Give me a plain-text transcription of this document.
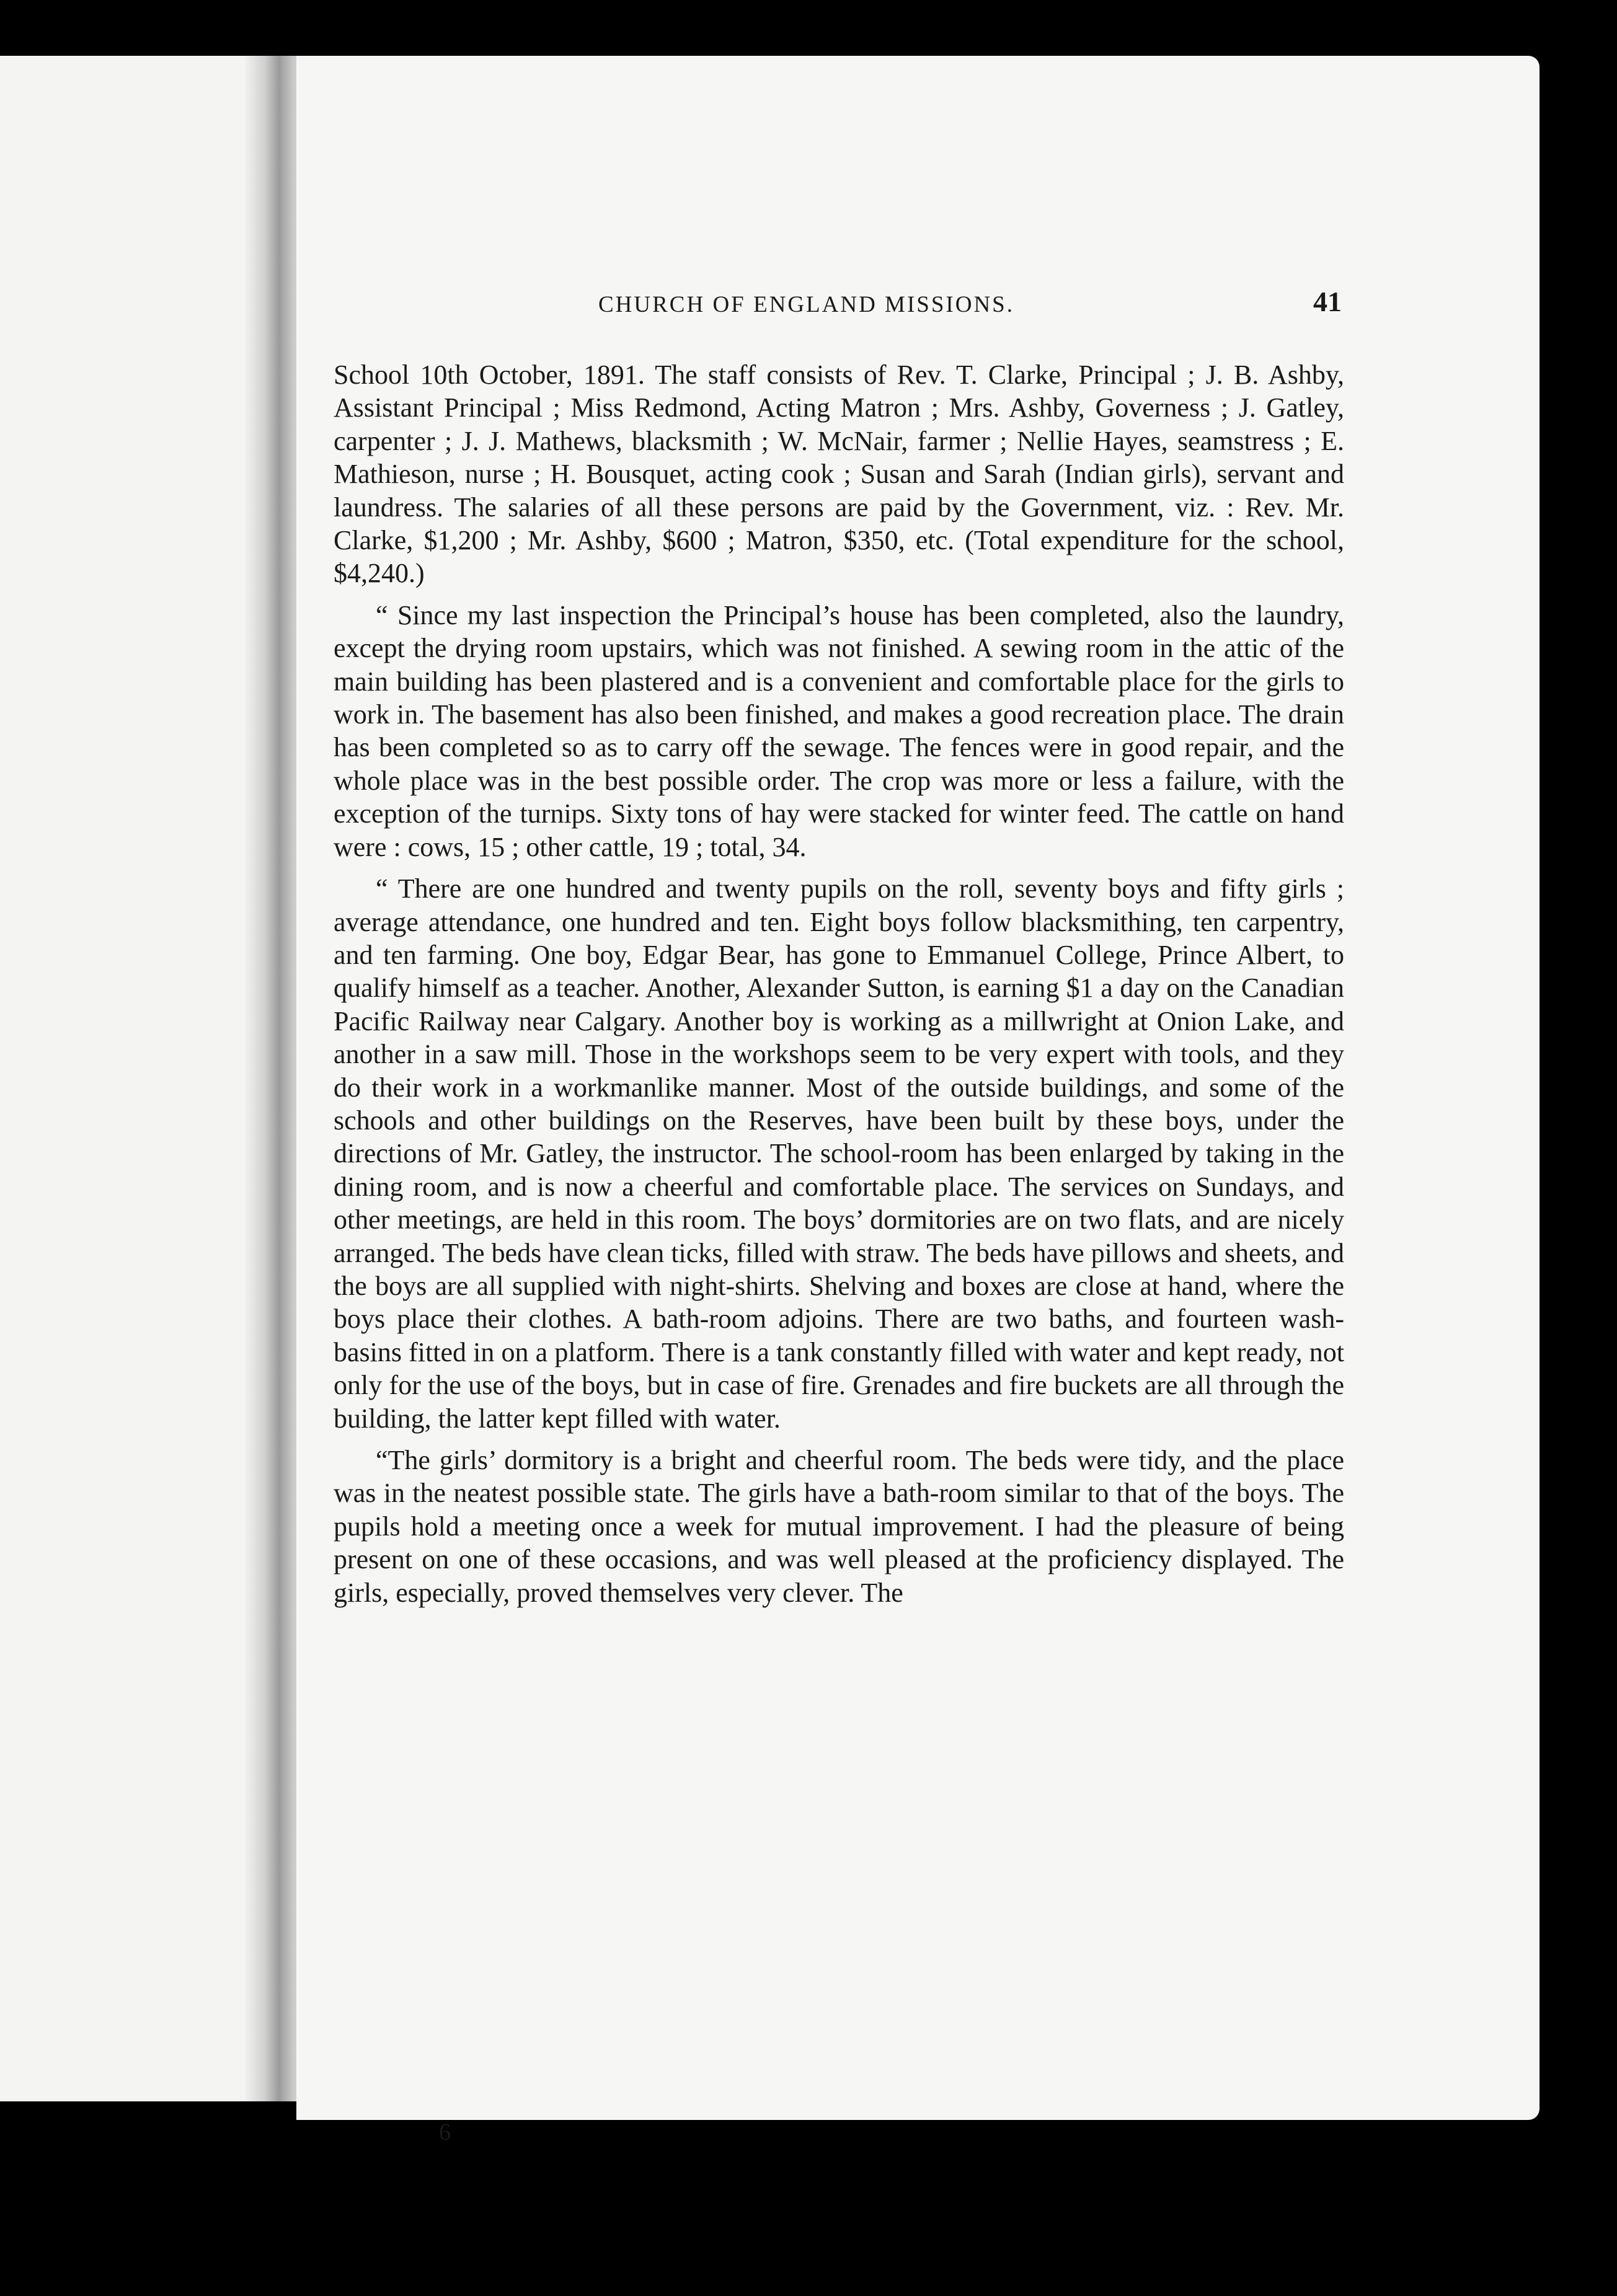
CHURCH OF ENGLAND MISSIONS.	41

School 10th October, 1891. The staff consists of Rev. T. Clarke, Principal ; J. B. Ashby, Assistant Principal ; Miss Redmond, Acting Matron ; Mrs. Ashby, Governess ; J. Gatley, carpenter ; J. J. Mathews, blacksmith ; W. McNair, farmer ; Nellie Hayes, seamstress ; E. Mathieson, nurse ; H. Bousquet, acting cook ; Susan and Sarah (Indian girls), servant and laundress. The salaries of all these persons are paid by the Government, viz. : Rev. Mr. Clarke, $1,200 ; Mr. Ashby, $600 ; Matron, $350, etc. (Total expenditure for the school, $4,240.)

“ Since my last inspection the Principal’s house has been completed, also the laundry, except the drying room upstairs, which was not finished. A sewing room in the attic of the main building has been plastered and is a convenient and comfortable place for the girls to work in. The basement has also been finished, and makes a good recreation place. The drain has been completed so as to carry off the sewage. The fences were in good repair, and the whole place was in the best possible order. The crop was more or less a failure, with the exception of the turnips. Sixty tons of hay were stacked for winter feed. The cattle on hand were : cows, 15 ; other cattle, 19 ; total, 34.

“ There are one hundred and twenty pupils on the roll, seventy boys and fifty girls ; average attendance, one hundred and ten. Eight boys follow blacksmithing, ten carpentry, and ten farming. One boy, Edgar Bear, has gone to Emmanuel College, Prince Albert, to qualify himself as a teacher. Another, Alexander Sutton, is earning $1 a day on the Canadian Pacific Railway near Calgary. Another boy is working as a millwright at Onion Lake, and another in a saw mill. Those in the workshops seem to be very expert with tools, and they do their work in a workmanlike manner. Most of the outside buildings, and some of the schools and other buildings on the Reserves, have been built by these boys, under the directions of Mr. Gatley, the instructor. The school-room has been enlarged by taking in the dining room, and is now a cheerful and comfortable place. The services on Sundays, and other meetings, are held in this room. The boys’ dormitories are on two flats, and are nicely arranged. The beds have clean ticks, filled with straw. The beds have pillows and sheets, and the boys are all supplied with night-shirts. Shelving and boxes are close at hand, where the boys place their clothes. A bath-room adjoins. There are two baths, and fourteen wash-basins fitted in on a platform. There is a tank constantly filled with water and kept ready, not only for the use of the boys, but in case of fire. Grenades and fire buckets are all through the building, the latter kept filled with water.

“The girls’ dormitory is a bright and cheerful room. The beds were tidy, and the place was in the neatest possible state. The girls have a bath-room similar to that of the boys. The pupils hold a meeting once a week for mutual improvement. I had the pleasure of being present on one of these occasions, and was well pleased at the proficiency displayed. The girls, especially, proved themselves very clever. The

6
